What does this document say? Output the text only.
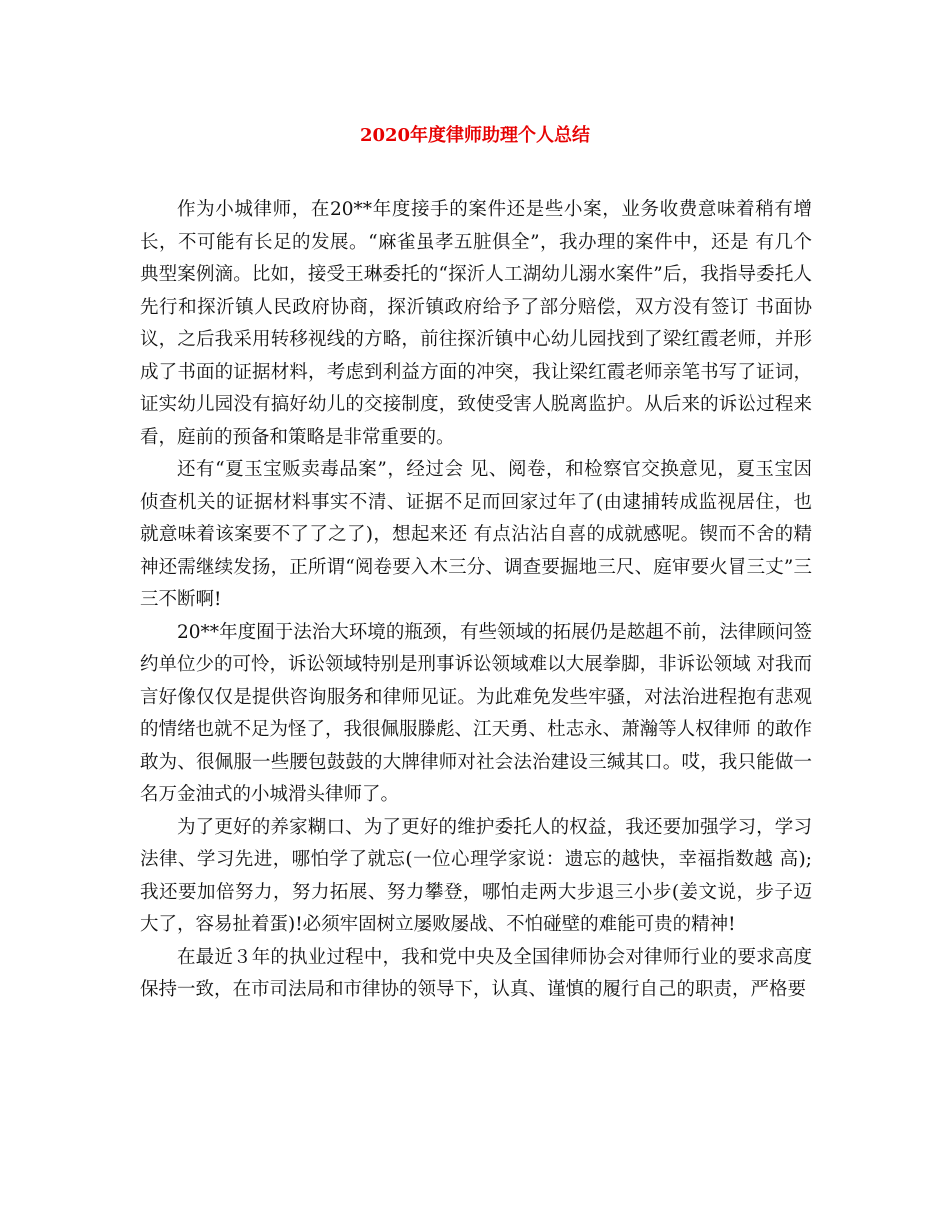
2020年度律师助理个人总结

作为小城律师，在20**年度接手的案件还是些小案，业务收费意味着稍有增长，不可能有长足的发展。“麻雀虽孝五脏俱全”，我办理的案件中，还是 有几个典型案例滴。比如，接受王琳委托的“探沂人工湖幼儿溺水案件”后，我指导委托人先行和探沂镇人民政府协商，探沂镇政府给予了部分赔偿，双方没有签订 书面协议，之后我采用转移视线的方略，前往探沂镇中心幼儿园找到了梁红霞老师，并形成了书面的证据材料，考虑到利益方面的冲突，我让梁红霞老师亲笔书写了证词，证实幼儿园没有搞好幼儿的交接制度，致使受害人脱离监护。从后来的诉讼过程来看，庭前的预备和策略是非常重要的。

还有“夏玉宝贩卖毒品案”，经过会 见、阅卷，和检察官交换意见，夏玉宝因侦查机关的证据材料事实不清、证据不足而回家过年了(由逮捕转成监视居住，也就意味着该案要不了了之了)，想起来还 有点沾沾自喜的成就感呢。锲而不舍的精神还需继续发扬，正所谓“阅卷要入木三分、调查要掘地三尺、庭审要火冒三丈”三三不断啊!

20**年度囿于法治大环境的瓶颈，有些领域的拓展仍是趑趄不前，法律顾问签约单位少的可怜，诉讼领域特别是刑事诉讼领域难以大展拳脚，非诉讼领域 对我而言好像仅仅是提供咨询服务和律师见证。为此难免发些牢骚，对法治进程抱有悲观的情绪也就不足为怪了，我很佩服滕彪、江天勇、杜志永、萧瀚等人权律师 的敢作敢为、很佩服一些腰包鼓鼓的大牌律师对社会法治建设三缄其口。哎，我只能做一名万金油式的小城滑头律师了。

为了更好的养家糊口、为了更好的维护委托人的权益，我还要加强学习，学习法律、学习先进，哪怕学了就忘(一位心理学家说：遗忘的越快，幸福指数越 高);我还要加倍努力，努力拓展、努力攀登，哪怕走两大步退三小步(姜文说，步子迈大了，容易扯着蛋)!必须牢固树立屡败屡战、不怕碰壁的难能可贵的精神!

在最近３年的执业过程中，我和党中央及全国律师协会对律师行业的要求高度保持一致，在市司法局和市律协的领导下，认真、谨慎的履行自己的职责，严格要
